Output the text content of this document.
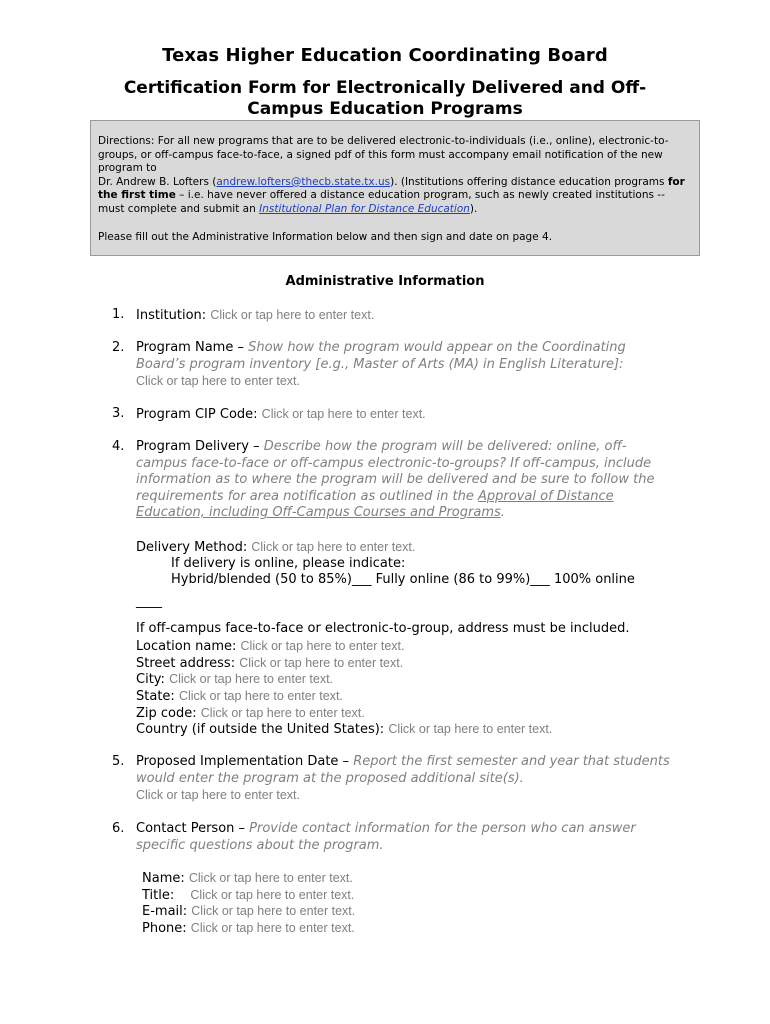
Texas Higher Education Coordinating Board
Certification Form for Electronically Delivered and Off-Campus Education Programs

Directions: For all new programs that are to be delivered electronic-to-individuals (i.e., online), electronic-to-groups, or off-campus face-to-face, a signed pdf of this form must accompany email notification of the new program to
Dr. Andrew B. Lofters (andrew.lofters@thecb.state.tx.us). (Institutions offering distance education programs for the first time – i.e. have never offered a distance education program, such as newly created institutions -- must complete and submit an Institutional Plan for Distance Education).

Please fill out the Administrative Information below and then sign and date on page 4.

Administrative Information
1. Institution: Click or tap here to enter text.
2. Program Name – Show how the program would appear on the Coordinating Board’s program inventory [e.g., Master of Arts (MA) in English Literature]:
Click or tap here to enter text.
3. Program CIP Code: Click or tap here to enter text.
4. Program Delivery – Describe how the program will be delivered: online, off-campus face-to-face or off-campus electronic-to-groups? If off-campus, include information as to where the program will be delivered and be sure to follow the requirements for area notification as outlined in the Approval of Distance Education, including Off-Campus Courses and Programs.
Delivery Method: Click or tap here to enter text.
If delivery is online, please indicate:
Hybrid/blended (50 to 85%)___ Fully online (86 to 99%)___ 100% online
____
If off-campus face-to-face or electronic-to-group, address must be included.
Location name: Click or tap here to enter text.
Street address: Click or tap here to enter text.
City: Click or tap here to enter text.
State: Click or tap here to enter text.
Zip code: Click or tap here to enter text.
Country (if outside the United States): Click or tap here to enter text.
5. Proposed Implementation Date – Report the first semester and year that students would enter the program at the proposed additional site(s).
Click or tap here to enter text.
6. Contact Person – Provide contact information for the person who can answer specific questions about the program.
Name: Click or tap here to enter text.
Title: Click or tap here to enter text.
E-mail: Click or tap here to enter text.
Phone: Click or tap here to enter text.
